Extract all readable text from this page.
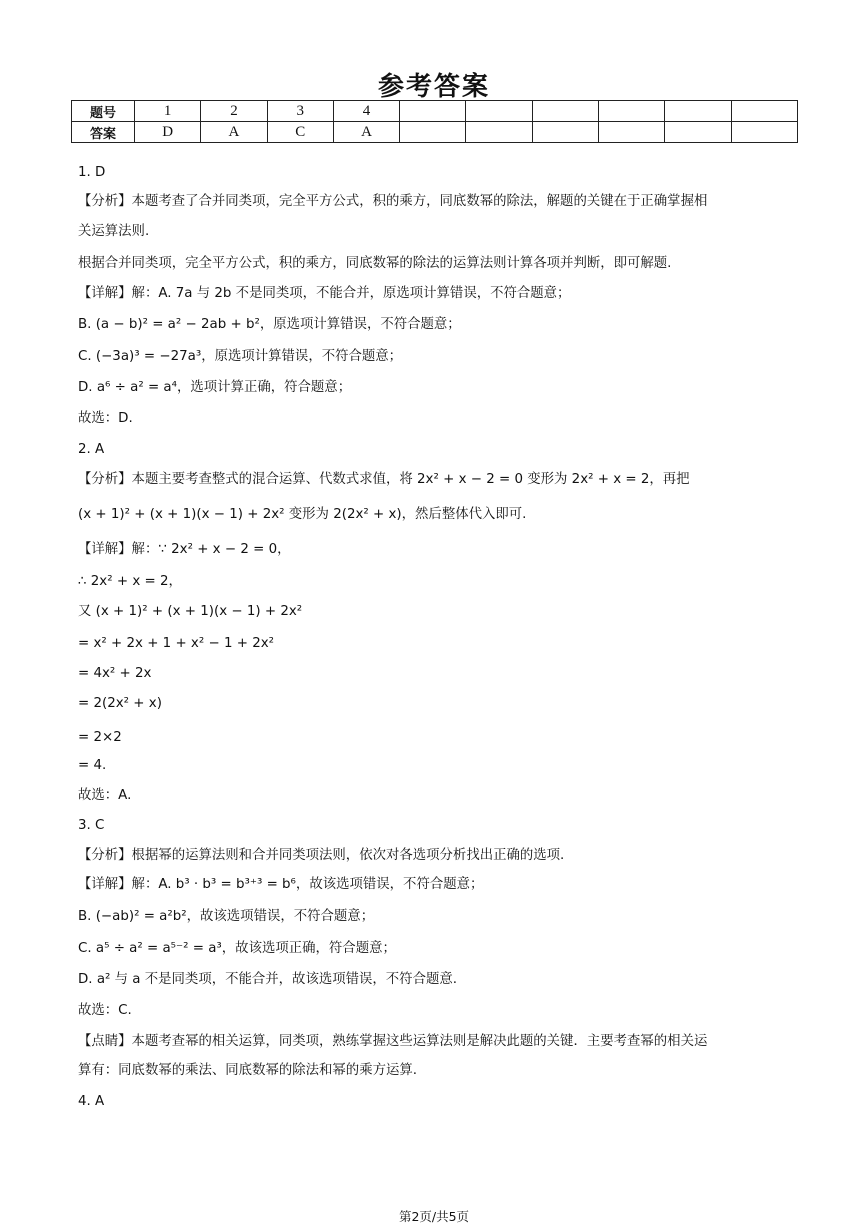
参考答案
题号	1	2	3	4						
答案	D	A	C	A						
1. D
【分析】本题考查了合并同类项，完全平方公式，积的乘方，同底数幂的除法，解题的关键在于正确掌握相
关运算法则.
根据合并同类项，完全平方公式，积的乘方，同底数幂的除法的运算法则计算各项并判断，即可解题.
【详解】解：A. 7a 与 2b 不是同类项，不能合并，原选项计算错误，不符合题意；
B. (a − b)² = a² − 2ab + b²，原选项计算错误，不符合题意；
C. (−3a)³ = −27a³，原选项计算错误，不符合题意；
D. a⁶ ÷ a² = a⁴，选项计算正确，符合题意；
故选：D.
2. A
【分析】本题主要考查整式的混合运算、代数式求值，将 2x² + x − 2 = 0 变形为 2x² + x = 2，再把
(x + 1)² + (x + 1)(x − 1) + 2x² 变形为 2(2x² + x)，然后整体代入即可.
【详解】解：∵ 2x² + x − 2 = 0，
∴ 2x² + x = 2，
又 (x + 1)² + (x + 1)(x − 1) + 2x²
= x² + 2x + 1 + x² − 1 + 2x²
= 4x² + 2x
= 2(2x² + x)
= 2×2
= 4.
故选：A.
3. C
【分析】根据幂的运算法则和合并同类项法则，依次对各选项分析找出正确的选项.
【详解】解：A. b³ · b³ = b³⁺³ = b⁶，故该选项错误，不符合题意；
B. (−ab)² = a²b²，故该选项错误，不符合题意；
C. a⁵ ÷ a² = a⁵⁻² = a³，故该选项正确，符合题意；
D. a² 与 a 不是同类项，不能合并，故该选项错误，不符合题意.
故选：C.
【点睛】本题考查幂的相关运算，同类项，熟练掌握这些运算法则是解决此题的关键．主要考查幂的相关运
算有：同底数幂的乘法、同底数幂的除法和幂的乘方运算.
4. A
第2页/共5页
